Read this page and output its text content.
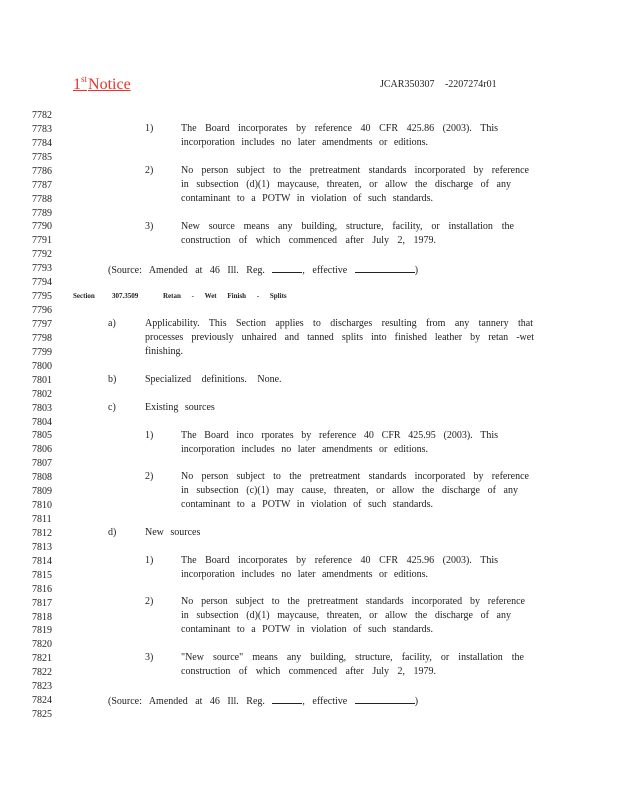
1stNotice	JCAR350307 -2207274r01
7782
7783
7784
7785
7786
7787
7788
7789
7790
7791
7792
7793
7794
7795
7796
7797
7798
7799
7800
7801
7802
7803
7804
7805
7806
7807
7808
7809
7810
7811
7812
7813
7814
7815
7816
7817
7818
7819
7820
7821
7822
7823
7824
7825
1)	The Board incorporates by reference 40 CFR 425.86 (2003). This
incorporation includes no later amendments or editions.
2)	No person subject to the pretreatment standards incorporated by reference
in subsection (d)(1) maycause, threaten, or allow the discharge of any
contaminant to a POTW in violation of such standards.
3)	New source means any building, structure, facility, or installation the
construction of which commenced after July 2, 1979.
(Source: Amended at 46 Ill. Reg.	, effective	)
Section 307.3509	Retan - Wet Finish - Splits
a)	Applicability. This Section applies to discharges resulting from any tannery that
processes previously unhaired and tanned splits into finished leather by retan -wet
finishing.
b)	Specialized definitions. None.
c)	Existing sources
1)	The Board inco rporates by reference 40 CFR 425.95 (2003). This
incorporation includes no later amendments or editions.
2)	No person subject to the pretreatment standards incorporated by reference
in subsection (c)(1) may cause, threaten, or allow the discharge of any
contaminant to a POTW in violation of such standards.
d)	New sources
1)	The Board incorporates by reference 40 CFR 425.96 (2003). This
incorporation includes no later amendments or editions.
2)	No person subject to the pretreatment standards incorporated by reference
in subsection (d)(1) maycause, threaten, or allow the discharge of any
contaminant to a POTW in violation of such standards.
3)	"New source" means any building, structure, facility, or installation the
construction of which commenced after July 2, 1979.
(Source: Amended at 46 Ill. Reg.	, effective	)
